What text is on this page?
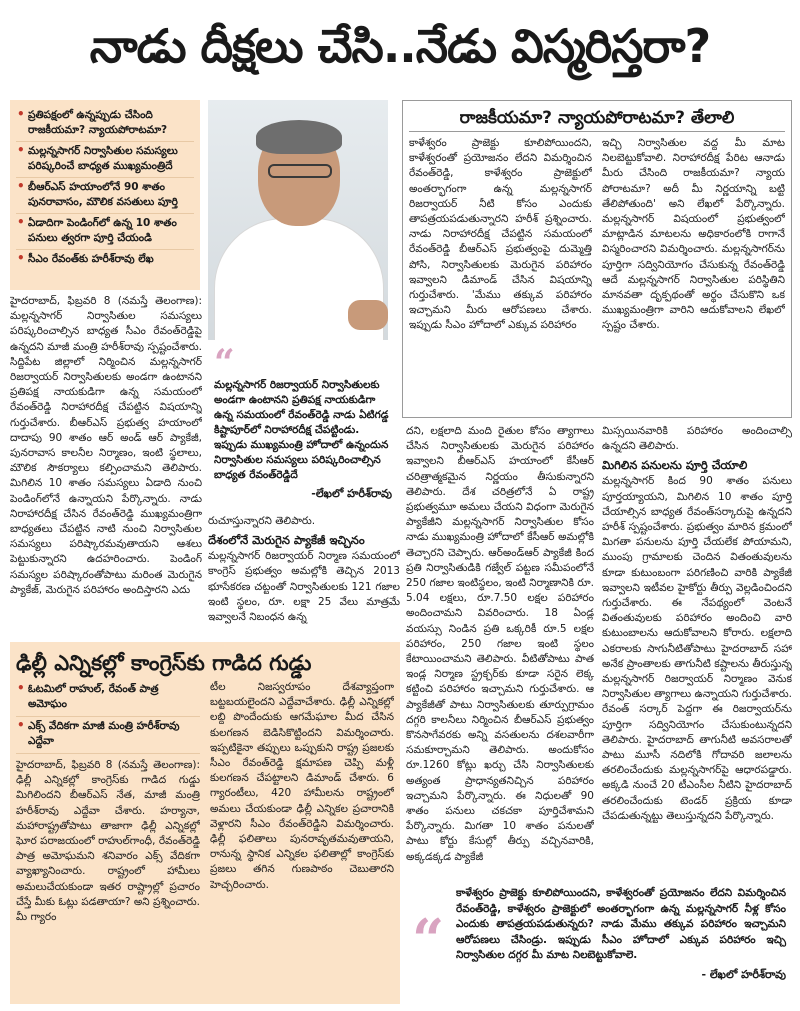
నాడు దీక్షలు చేసి..నేడు విస్మరిస్తరా?
• ప్రతిపక్షంలో ఉన్నప్పుడు చేసింది రాజకీయమా? న్యాయపోరాటమా?
• మల్లన్నసాగర్ నిర్వాసితుల సమస్యలు పరిష్కరించే బాధ్యత ముఖ్యమంత్రిదే
• బీఆర్ఎస్ హయాంలోనే 90 శాతం పునరావాసం, మౌలిక వసతులు పూర్తి
• ఏడాదిగా పెండింగ్‌లో ఉన్న 10 శాతం పనులు త్వరగా పూర్తి చేయండి
• సీఎం రేవంత్‌కు హరీశ్‌రావు లేఖ
“
మల్లన్నసాగర్ రిజర్వాయర్ నిర్వాసితులకు అండగా ఉంటానని ప్రతిపక్ష నాయకుడిగా ఉన్న సమయంలో రేవంత్‌రెడ్డి నాడు ఏటిగడ్డ కిష్టాపూర్‌లో నిరాహారదీక్ష చేపట్టిండు. ఇప్పుడు ముఖ్యమంత్రి హోదాలో ఉన్నందున నిర్వాసితుల సమస్యలు పరిష్కరించాల్సిన బాధ్యత రేవంత్‌రెడ్డిదే
-లేఖలో హరీశ్‌రావు

హైదరాబాద్, ఫిబ్రవరి 8 (నమస్తే తెలంగాణ): మల్లన్నసాగర్ నిర్వాసితుల సమస్యలు పరిష్కరించాల్సిన బాధ్యత సీఎం రేవంత్‌రెడ్డిపై ఉన్నదని మాజీ మంత్రి హరీశ్‌రావు స్పష్టంచేశారు. సిద్దిపేట జిల్లాలో నిర్మించిన మల్లన్నసాగర్ రిజర్వాయర్ నిర్వాసితులకు అండగా ఉంటానని ప్రతిపక్ష నాయకుడిగా ఉన్న సమయంలో రేవంత్‌రెడ్డి నిరాహారదీక్ష చేపట్టిన విషయాన్ని గుర్తుచేశారు. బీఆర్ఎస్ ప్రభుత్వ హయాంలో దాదాపు 90 శాతం ఆర్ అండ్ ఆర్ ప్యాకేజీ, పునరావాస కాలనీల నిర్మాణం, ఇంటి స్థలాలు, మౌలిక సౌకర్యాలు కల్పించామని తెలిపారు. మిగిలిన 10 శాతం సమస్యలు ఏడాది నుంచి పెండింగ్‌లోనే ఉన్నాయని పేర్కొన్నారు. నాడు నిరాహారదీక్ష చేసిన రేవంత్‌రెడ్డి ముఖ్యమంత్రిగా బాధ్యతలు చేపట్టిన నాటి నుంచి నిర్వాసితుల సమస్యలు పరిష్కారమవుతాయని ఆశలు పెట్టుకున్నారని ఉదహరించారు. పెండింగ్ సమస్యల పరిష్కారంతోపాటు మరింత మెరుగైన ప్యాకేజ్, మెరుగైన పరిహారం అందిస్తారని ఎదు

రుచూస్తున్నారని తెలిపారు.

దేశంలోనే మెరుగైన ప్యాకేజీ ఇచ్చినం

మల్లన్నసాగర్ రిజర్వాయర్ నిర్మాణ సమయంలో కాంగ్రెస్ ప్రభుత్వం అమల్లోకి తెచ్చిన 2013 భూసేకరణ చట్టంతో నిర్వాసితులకు 121 గజాల ఇంటి స్థలం, రూ. లక్షా 25 వేలు మాత్రమే ఇవ్వాలనే నిబంధన ఉన్న

రాజకీయమా? న్యాయపోరాటమా? తేలాలి
కాళేశ్వరం ప్రాజెక్టు కూలిపోయిందని, కాళేశ్వరంతో ప్రయోజనం లేదని విమర్శించిన రేవంత్‌రెడ్డి, కాళేశ్వరం ప్రాజెక్టులో అంతర్భాగంగా ఉన్న మల్లన్నసాగర్ రిజర్వాయర్ నీటి కోసం ఎందుకు తాపత్రయపడుతున్నారని హరీశ్ ప్రశ్నించారు. నాడు నిరాహారదీక్ష చేపట్టిన సమయంలో రేవంత్‌రెడ్డి బీఆర్ఎస్ ప్రభుత్వంపై దుమ్మెత్తి పోసి, నిర్వాసితులకు మెరుగైన పరిహారం ఇవ్వాలని డిమాండ్ చేసిన విషయాన్ని గుర్తుచేశారు. 'మేము తక్కువ పరిహారం ఇచ్చామని మీరు ఆరోపణలు చేశారు. ఇప్పుడు సీఎం హోదాలో ఎక్కువ పరిహారం
ఇచ్చి నిర్వాసితుల వద్ద మీ మాట నిలబెట్టుకోవాలి. నిరాహారదీక్ష పేరిట ఆనాడు మీరు చేసింది రాజకీయమా? న్యాయ పోరాటమా? అదీ మీ నిర్ణయాన్ని బట్టి తేలిపోతుంది' అని లేఖలో పేర్కొన్నారు. మల్లన్నసాగర్ విషయంలో ప్రభుత్వంలో మాట్లాడిన మాటలను అధికారంలోకి రాగానే విస్మరించారని విమర్శించారు. మల్లన్నసాగర్‌ను పూర్తిగా సద్వినియోగం చేసుకున్న రేవంత్‌రెడ్డి ఆదే మల్లన్నసాగర్ నిర్వాసితుల పరిస్థితిని మానవతా దృక్పథంతో అర్థం చేసుకొని ఒక ముఖ్యమంత్రిగా వారిని ఆదుకోవాలని లేఖలో స్పష్టం చేశారు.

దని, లక్షలాది మంది రైతుల కోసం త్యాగాలు చేసిన నిర్వాసితులకు మెరుగైన పరిహారం ఇవ్వాలని బీఆర్ఎస్ హయాంలో కేసీఆర్ చరిత్రాత్మకమైన నిర్ణయం తీసుకున్నారని తెలిపారు. దేశ చరిత్రలోనే ఏ రాష్ట్ర ప్రభుత్వమూ అమలు చేయని విధంగా మెరుగైన ప్యాకేజీని మల్లన్నసాగర్ నిర్వాసితుల కోసం నాడు ముఖ్యమంత్రి హోదాలో కేసీఆర్ అమల్లోకి తెచ్చారని చెప్పారు. ఆర్అండ్ఆర్ ప్యాకేజీ కింద ప్రతి నిర్వాసితుడికి గజ్వేల్ పట్టణ సమీపంలోనే 250 గజాల ఇంటిస్థలం, ఇంటి నిర్మాణానికి రూ. 5.04 లక్షలు, రూ.7.50 లక్షల పరిహారం అందించామని వివరించారు. 18 ఏండ్ల వయస్సు నిండిన ప్రతి ఒక్కరికీ రూ.5 లక్షల పరిహారం, 250 గజాల ఇంటి స్థలం కేటాయించామని తెలిపారు. వీటితోపాటు పాత ఇండ్ల నిర్మాణ స్ట్రక్చర్‌కు కూడా సరైన లెక్క కట్టించి పరిహారం ఇచ్చామని గుర్తుచేశారు. ఆ ప్యాకేజీతో పాటు నిర్వాసితులకు తూర్పుగ్రామం దగ్గరి కాలనీలు నిర్మించిన బీఆర్ఎస్ ప్రభుత్వం కొనసాగేవరకు అన్ని వసతులను దశలవారీగా సమకూర్చామని తెలిపారు. అందుకోసం రూ.1260 కోట్లు ఖర్చు చేసి నిర్వాసితులకు అత్యంత ప్రాధాన్యతనిచ్చిన పరిహారం ఇచ్చామని పేర్కొన్నారు. ఈ నిధులతో 90 శాతం పనులు చకచకా పూర్తిచేశామని పేర్కొన్నారు. మిగతా 10 శాతం పనులతో పాటు కోర్టు కేసుల్లో తీర్పు వచ్చినవారికి, అక్కడక్కడ ప్యాకేజీ

మిస్సయినవారికి పరిహారం అందించాల్సి ఉన్నదని తెలిపారు.

మిగిలిన పనులను పూర్తి చేయాలి

మల్లన్నసాగర్ కింద 90 శాతం పనులు పూర్తయ్యాయని, మిగిలిన 10 శాతం పూర్తి చేయాల్సిన బాధ్యత రేవంత్‌సర్కారుపై ఉన్నదని హరీశ్ స్పష్టంచేశారు. ప్రభుత్వం మారిన క్రమంలో మిగతా పనులను పూర్తి చేయలేక పోయామని, ముంపు గ్రామాలకు చెందిన వితంతువులను కూడా కుటుంబంగా పరిగణించి వారికి ప్యాకేజీ ఇవ్వాలని ఇటీవల హైకోర్టు తీర్పు వెల్లడించిందని గుర్తుచేశారు. ఈ నేపథ్యంలో వెంటనే వితంతువులకు పరిహారం అందించి వారి కుటుంబాలను ఆదుకోవాలని కోరారు. లక్షలాది ఎకరాలకు సాగునీటితోపాటు హైదరాబాద్ సహా అనేక ప్రాంతాలకు తాగునీటి కష్టాలను తీరుస్తున్న మల్లన్నసాగర్ రిజర్వాయర్ నిర్మాణం వెనుక నిర్వాసితుల త్యాగాలు ఉన్నాయని గుర్తుచేశారు. రేవంత్ సర్కార్ పెద్దగా ఈ రిజర్వాయర్‌ను పూర్తిగా సద్వినియోగం చేసుకుంటున్నదని తెలిపారు. హైదరాబాద్ తాగునీటి అవసరాలతో పాటు మూసీ నదిలోకి గోదావరి జలాలను తరలించేందుకు మల్లన్నసాగర్‌పై ఆధారపడ్డారు. అక్కడి నుంచే 20 టీఎంసీల నీటిని హైదరాబాద్ తరలించేందుకు టెండర్ ప్రక్రియ కూడా చేపడుతున్నట్టు తెలుస్తున్నదని పేర్కొన్నారు.

ఢిల్లీ ఎన్నికల్లో కాంగ్రెస్‌కు గాడిద గుడ్డు
• ఓటమిలో రాహుల్, రేవంత్ పాత్ర అమోఘం
• ఎక్స్ వేదికగా మాజీ మంత్రి హరీశ్‌రావు ఎద్దేవా
హైదరాబాద్, ఫిబ్రవరి 8 (నమస్తే తెలంగాణ): ఢిల్లీ ఎన్నికల్లో కాంగ్రెస్‌కు గాడిద గుడ్డు మిగిలిందని బీఆర్ఎస్ నేత, మాజీ మంత్రి హరీశ్‌రావు ఎద్దేవా చేశారు. హర్యానా, మహారాష్ట్రతోపాటు తాజాగా ఢిల్లీ ఎన్నికల్లో ఘోర పరాజయంలో రాహుల్‌గాంధీ, రేవంత్‌రెడ్డి పాత్ర అమోఘమని శనివారం ఎక్స్ వేదికగా వ్యాఖ్యానించారు. రాష్ట్రంలో హామీలు అమలుచేయకుండా ఇతర రాష్ట్రాల్లో ప్రచారం చేస్తే మీకు ఓట్లు పడతాయా? అని ప్రశ్నించారు. మీ గ్యారం
టీల నిజస్వరూపం దేశవ్యాప్తంగా బట్టబయలైందని ఎద్దేవాచేశారు. ఢిల్లీ ఎన్నికల్లో లబ్ది పొందేందుకు ఆగమేఘాల మీద చేసిన కులగణన బెడిసికొట్టిందని విమర్శించారు. ఇప్పటికైనా తప్పులు ఒప్పుకుని రాష్ట్ర ప్రజలకు సీఎం రేవంత్‌రెడ్డి క్షమాపణ చెప్పి మళ్లీ కులగణన చేపట్టాలని డిమాండ్ చేశారు. 6 గ్యారంటీలు, 420 హామీలను రాష్ట్రంలో అమలు చేయకుండా ఢిల్లీ ఎన్నికల ప్రచారానికి వెళ్లారని సీఎం రేవంత్‌రెడ్డిని విమర్శించారు. ఢిల్లీ ఫలితాలు పునరావృతమవుతాయని, రానున్న స్థానిక ఎన్నికల ఫలితాల్లో కాంగ్రెస్‌కు ప్రజలు తగిన గుణపాఠం చెబుతారని హెచ్చరించారు.
“
కాళేశ్వరం ప్రాజెక్టు కూలిపోయిందని, కాళేశ్వరంతో ప్రయోజనం లేదని విమర్శించిన రేవంత్‌రెడ్డి, కాళేశ్వరం ప్రాజెక్టులో అంతర్భాగంగా ఉన్న మల్లన్నసాగర్ నీళ్ల కోసం ఎందుకు తాపత్రయపడుతున్నరు? నాడు మేము తక్కువ పరిహారం ఇచ్చామని ఆరోపణలు చేసిండ్రు. ఇప్పుడు సీఎం హోదాలో ఎక్కువ పరిహారం ఇచ్చి నిర్వాసితుల దగ్గర మీ మాట నిలబెట్టుకోవాలె.
- లేఖలో హరీశ్‌రావు
